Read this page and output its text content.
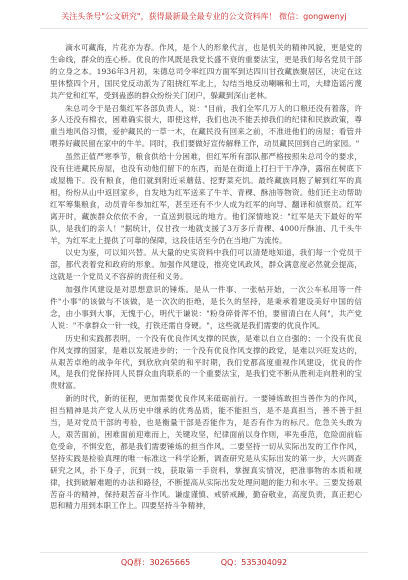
关注头条号"公文研究"，获得最新最全最专业的公文资料库！ 微信：gongwenyj

滴水可藏海，片花亦为春。作风，是个人的形象代言，也是机关的精神风貌，更是党的生命线，群众的连心桥。优良的作风既是我党长盛不衰的重要法宝，更是我们每名党员干部的立身之本。1936年3月初，朱德总司令率红四方面军到达四川甘孜藏族聚居区，决定在这里休整四个月，国民党反动派为了阻挠红军北上，勾结当地反动喇嘛和土司，大肆造谣污蔑共产党和红军，受到蛊惑的群众纷纷关门闭户，躲藏到深山老林。

朱总司令于是召集红军各部负责人，说："目前，我们全军几万人的口粮还没有着落，许多人还没有棉衣，困难确实很大，即使这样，我们也决不能丢掉我们的纪律和民族政策，尊重当地风俗习惯，爱护藏民的一草一木，在藏民没有回来之前，不准进他们的房屋；看管并喂养好藏民留在家中的牛羊。同时，我们要做好宣传解释工作，动员藏民回到自己的家园。"

虽然正值严寒季节，粮食供给十分困难，但红军所有部队都严格按照朱总司令的要求，没有住进藏民房屋，也没有动他们留下的东西，而是在街道上打扫干干净净，露宿在树底下或屋檐下。没有粮食，他们就到附近采蘑菇、挖野菜充饥。最终藏族同胞了解到红军的真相，纷纷从山中返回家乡，自发地为红军送来了牛羊、青稞、酥油等物资。他们还主动帮助红军筹集粮食，动员青年参加红军，甚至还有不少人成为红军的向导、翻译和侦察员。红军离开时，藏族群众依依不舍，一直送到很远的地方。他们深情地说："红军是天下最好的军队，是我们的亲人！"据统计，仅甘孜一地就支援了3万多斤青稞、4000斤酥油、几千头牛羊，为红军北上提供了可靠的保障，这段佳话至今仍在当地广为流传。

以史为鉴，可以知兴替。从大量的史实资料中我们可以清楚地知道，我们每一个党员干部，都代表着党和政府的形象。加强作风建设，推亮党风政风，群众满意度必然就会提高，这就是一个党员义不容辞的责任和义务。

加强作风建设是对思想意识的锤炼。是从一件事、一张帖开始，一次公车私用等一件件"小事"的该做与不该做，是一次次的拒绝，是长久的坚持，是秉承着建设美好中国的信念，由小事到大事，无愧于心，明代于谦说："粉身碎骨浑不怕，要留清白在人间"，共产党人说："不拿群众一针一线，打铁还需自身硬。"，这些就是我们需要的优良作风。

历史和实践都表明，一个没有优良作风支撑的民族，是难以自立自强的；一个没有优良作风支撑的国家，是难以发展进步的；一个没有优良作风支撑的政党，是难以兴旺发达的，从艰苦卓绝的战争年代，到欣欣向荣的和平时期，我们党都高度重视作风建设，优良的作风，是我们党保持同人民群众血肉联系的一个重要法宝，是我们党不断从胜利走向胜利的宝贵财富。

新的时代，新的征程，更加需要优良作风来砥砺前行。一要锤炼敢担当善作为的作风，担当精神是共产党人从历史中继承的优秀品质，能不能担当，是不是真担当，善不善于担当，是对党员干部的考验，也是衡量干部是否能作为，是否有作为的标尺。危急关头敢为人，艰苦面前，困难面前迎难而上，关键攻坚，纪律面前以身作则，率先垂范，危险面前临危受命，不惧安危，都是我们需要锤炼的担当作风。二要坚持一切从实际出发的工作作风，坚持实践是检验真理的唯一标准这一科学论断，调查研究是从实际出发的第一步，大兴调查研究之风，扑下身子，沉到一线，获取第一手资料，掌握真实情况，把准事物的本质和规律，找到破解难题的办法和路径，不断提高从实际出发处理问题的能力和水平。三要发扬艰苦奋斗的精神，保持艰苦奋斗作风。谦虚谨慎、戒骄戒躁，勤奋敬业，高度负责，真正把心思和精力用到本职工作上。四要坚持斗争精神，

QQ群：30265665	QQ：535304092
